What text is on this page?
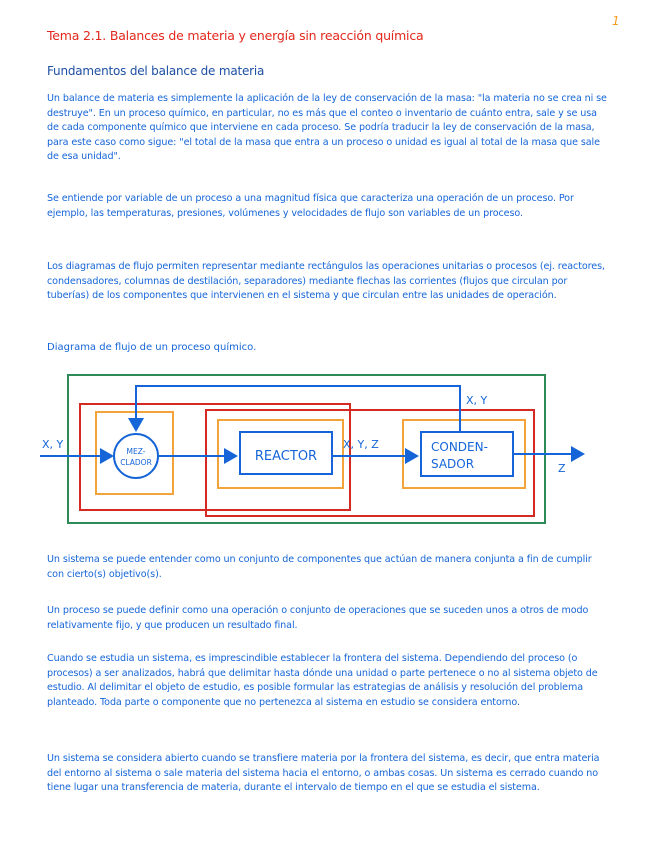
1
Tema 2.1. Balances de materia y energía sin reacción química
Fundamentos del balance de materia

Un balance de materia es simplemente la aplicación de la ley de conservación de la masa: "la materia no se crea ni se destruye". En un proceso químico, en particular, no es más que el conteo o inventario de cuánto entra, sale y se usa de cada componente químico que interviene en cada proceso. Se podría traducir la ley de conservación de la masa, para este caso como sigue: "el total de la masa que entra a un proceso o unidad es igual al total de la masa que sale de esa unidad".

Se entiende por variable de un proceso a una magnitud física que caracteriza una operación de un proceso. Por ejemplo, las temperaturas, presiones, volúmenes y velocidades de flujo son variables de un proceso.

Los diagramas de flujo permiten representar mediante rectángulos las operaciones unitarias o procesos (ej. reactores, condensadores, columnas de destilación, separadores) mediante flechas las corrientes (flujos que circulan por tuberías) de los componentes que intervienen en el sistema y que circulan entre las unidades de operación.

Diagrama de flujo de un proceso químico.
X, Y
MEZ-
CLADOR	REACTOR
X, Y, Z
X, Y
CONDEN-
SADOR	Z

Un sistema se puede entender como un conjunto de componentes que actúan de manera conjunta a fin de cumplir con cierto(s) objetivo(s).

Un proceso se puede definir como una operación o conjunto de operaciones que se suceden unos a otros de modo relativamente fijo, y que producen un resultado final.

Cuando se estudia un sistema, es imprescindible establecer la frontera del sistema. Dependiendo del proceso (o procesos) a ser analizados, habrá que delimitar hasta dónde una unidad o parte pertenece o no al sistema objeto de estudio. Al delimitar el objeto de estudio, es posible formular las estrategias de análisis y resolución del problema planteado. Toda parte o componente que no pertenezca al sistema en estudio se considera entorno.

Un sistema se considera abierto cuando se transfiere materia por la frontera del sistema, es decir, que entra materia del entorno al sistema o sale materia del sistema hacia el entorno, o ambas cosas. Un sistema es cerrado cuando no tiene lugar una transferencia de materia, durante el intervalo de tiempo en el que se estudia el sistema.
